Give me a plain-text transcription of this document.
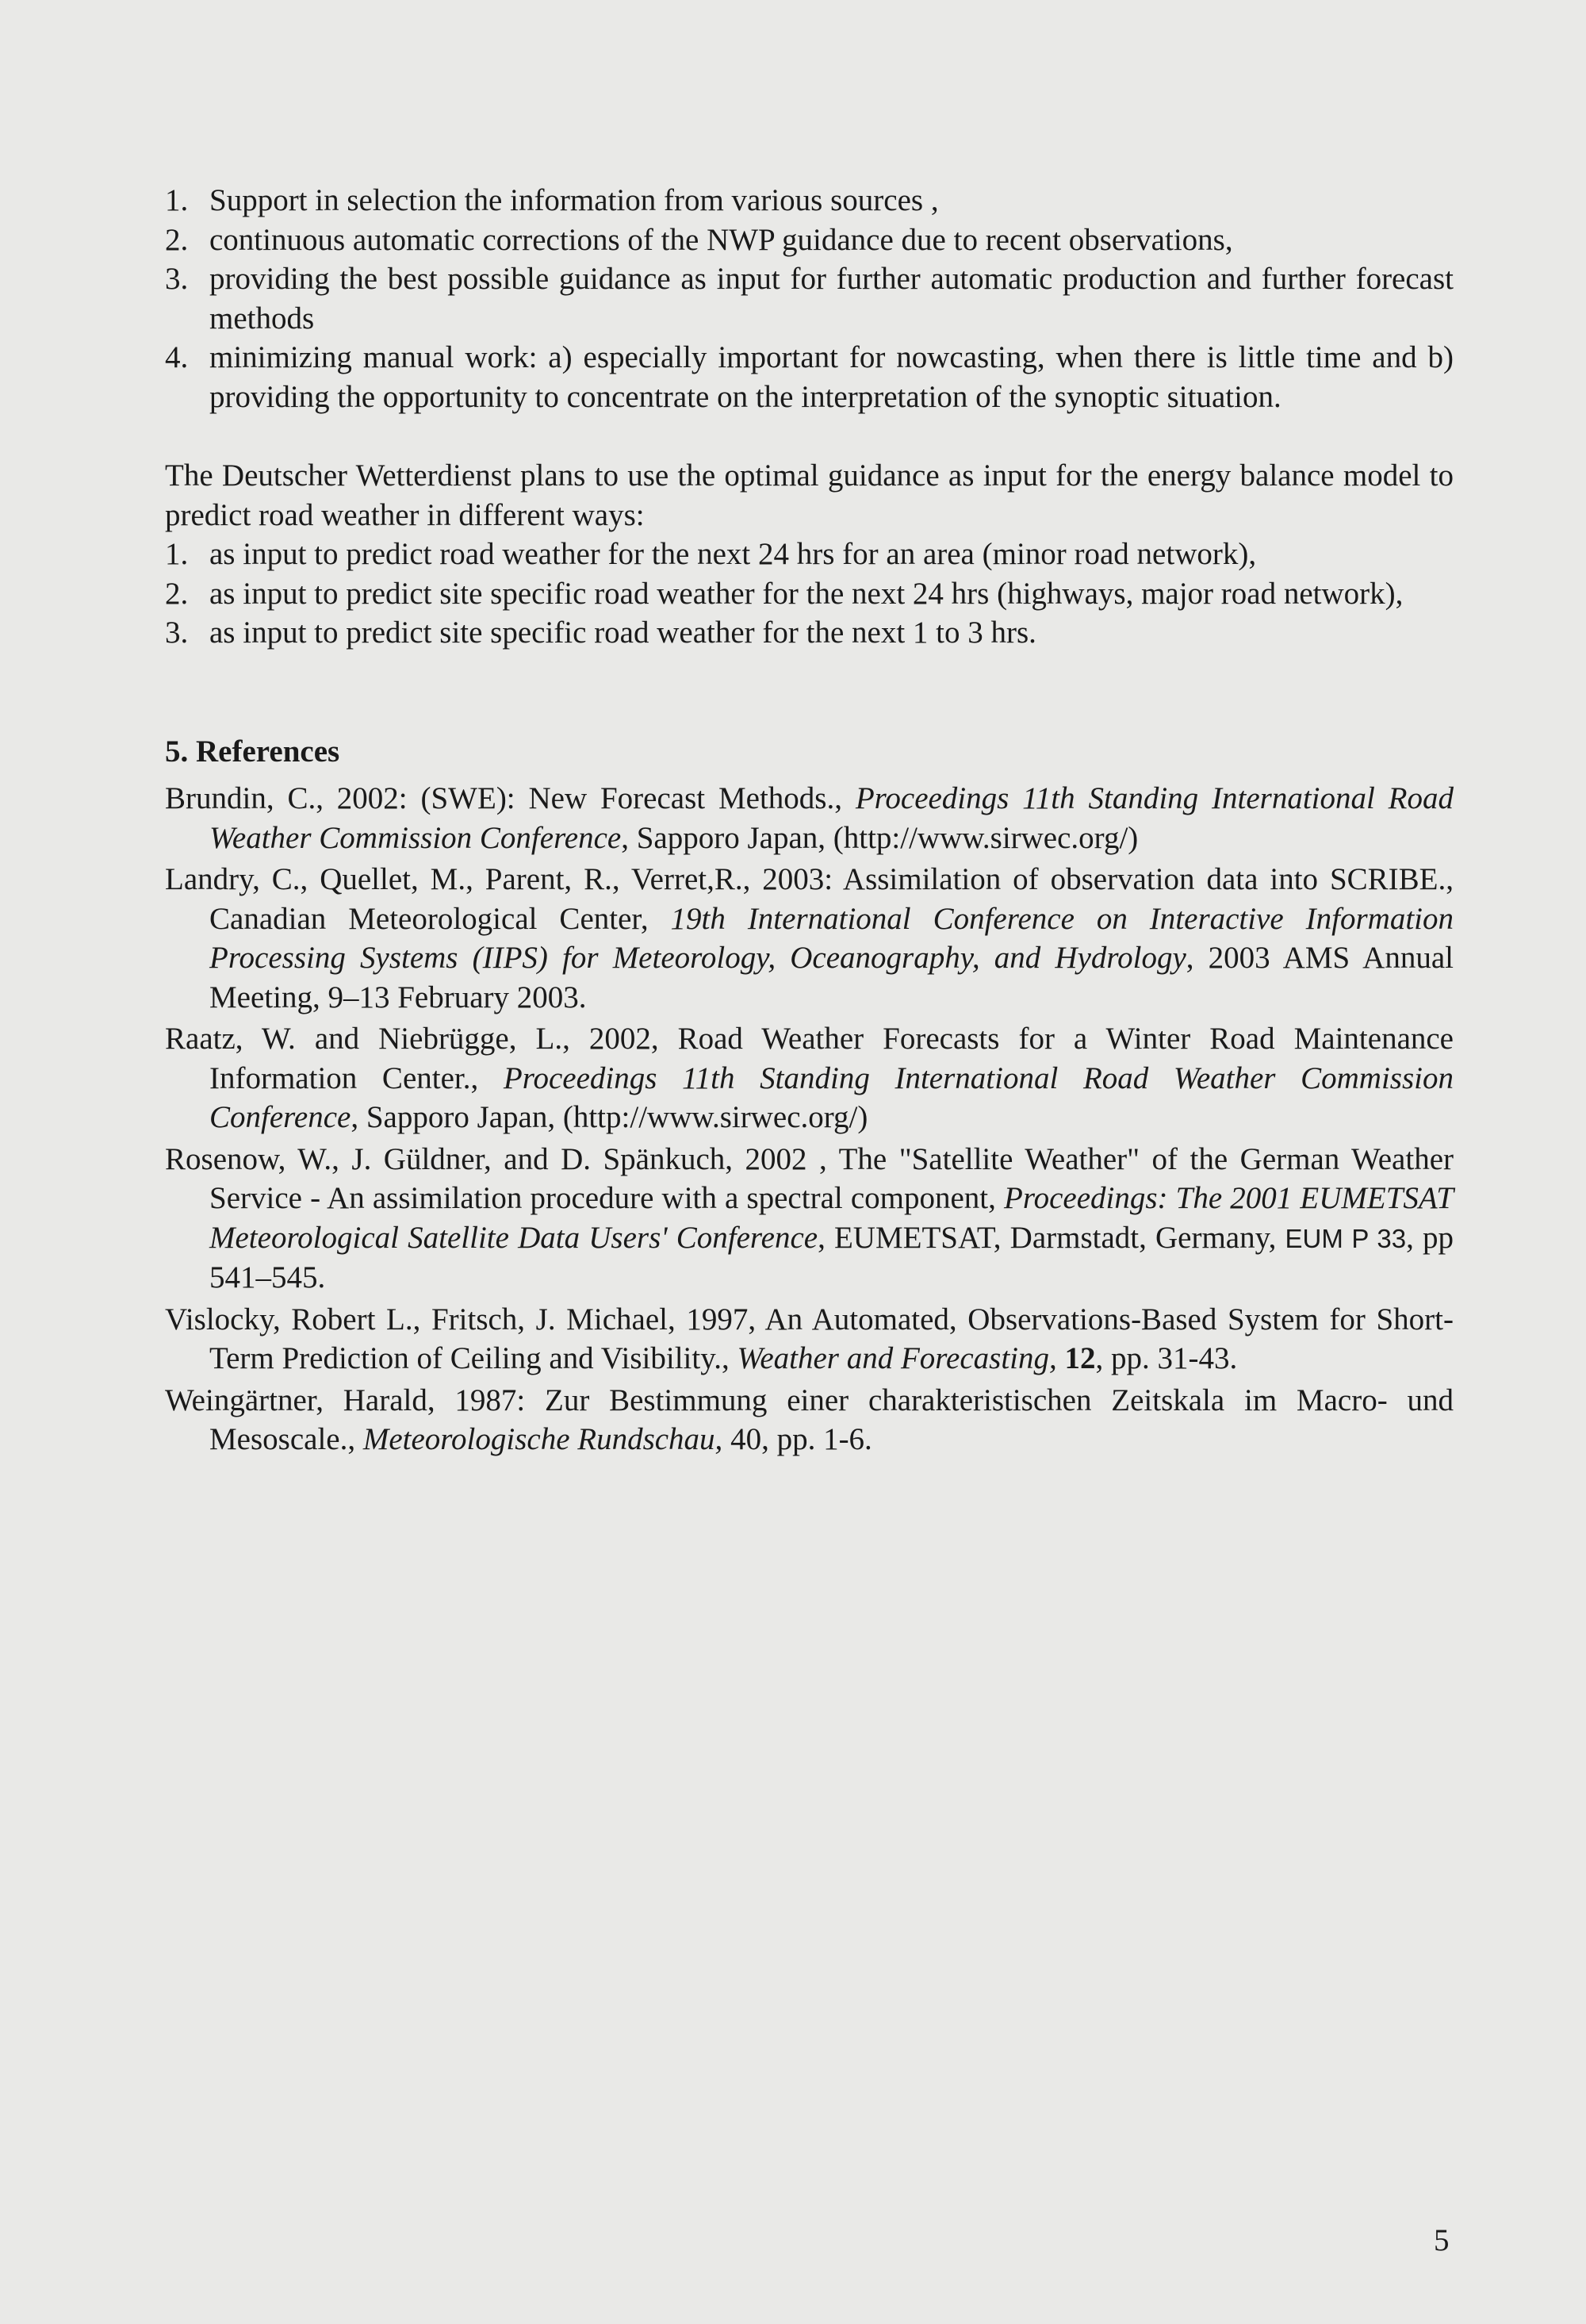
1. Support in selection the information from various sources ,
2. continuous automatic corrections of the NWP guidance due to recent observations,
3. providing the best possible guidance as input for further automatic production and further forecast methods
4. minimizing manual work: a) especially important for nowcasting, when there is little time and b) providing the opportunity to concentrate on the interpretation of the synoptic situation.

The Deutscher Wetterdienst plans to use the optimal guidance as input for the energy balance model to predict road weather in different ways:

1. as input to predict road weather for the next 24 hrs for an area (minor road network),
2. as input to predict site specific road weather for the next 24 hrs (highways, major road network),
3. as input to predict site specific road weather for the next 1 to 3 hrs.
5. References

Brundin, C., 2002: (SWE): New Forecast Methods., Proceedings 11th Standing International Road Weather Commission Conference, Sapporo Japan, (http://www.sirwec.org/)

Landry, C., Quellet, M., Parent, R., Verret,R., 2003: Assimilation of observation data into SCRIBE., Canadian Meteorological Center, 19th International Conference on Interactive Information Processing Systems (IIPS) for Meteorology, Oceanography, and Hydrology, 2003 AMS Annual Meeting, 9–13 February 2003.

Raatz, W. and Niebrügge, L., 2002, Road Weather Forecasts for a Winter Road Maintenance Information Center., Proceedings 11th Standing International Road Weather Commission Conference, Sapporo Japan, (http://www.sirwec.org/)

Rosenow, W., J. Güldner, and D. Spänkuch, 2002 , The "Satellite Weather" of the German Weather Service - An assimilation procedure with a spectral component, Proceedings: The 2001 EUMETSAT Meteorological Satellite Data Users' Conference, EUMETSAT, Darmstadt, Germany, EUM P 33, pp 541–545.

Vislocky, Robert L., Fritsch, J. Michael, 1997, An Automated, Observations-Based System for Short-Term Prediction of Ceiling and Visibility., Weather and Forecasting, 12, pp. 31-43.

Weingärtner, Harald, 1987: Zur Bestimmung einer charakteristischen Zeitskala im Macro- und Mesoscale., Meteorologische Rundschau, 40, pp. 1-6.

5
